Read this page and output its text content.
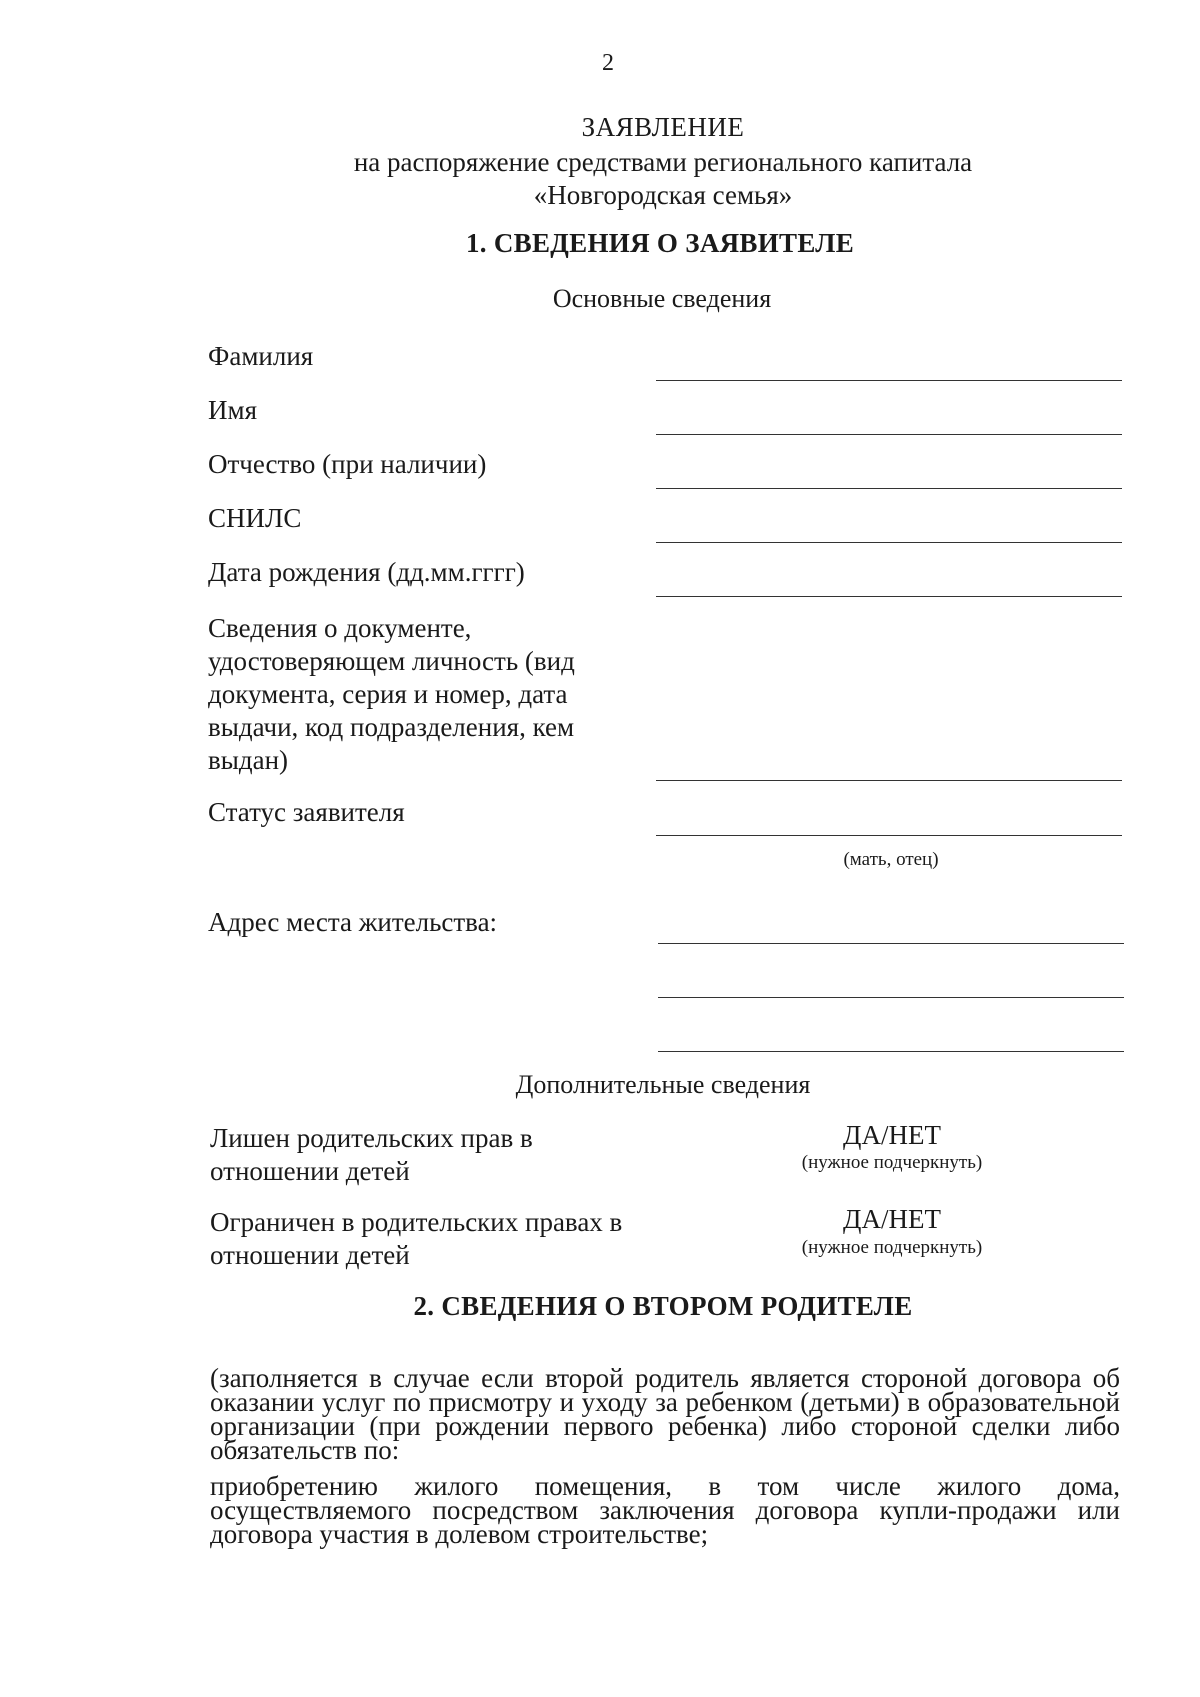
2
ЗАЯВЛЕНИЕ
на распоряжение средствами регионального капитала
«Новгородская семья»
1. СВЕДЕНИЯ О ЗАЯВИТЕЛЕ
Основные сведения
Фамилия
Имя
Отчество (при наличии)
СНИЛС
Дата рождения (дд.мм.гггг)
Сведения о документе,
удостоверяющем личность (вид
документа, серия и номер, дата
выдачи, код подразделения, кем
выдан)
Статус заявителя
(мать, отец)
Адрес места жительства:
Дополнительные сведения
Лишен родительских прав в
отношении детей
ДА/НЕТ
(нужное подчеркнуть)
Ограничен в родительских правах в
отношении детей
ДА/НЕТ
(нужное подчеркнуть)
2. СВЕДЕНИЯ О ВТОРОМ РОДИТЕЛЕ
(заполняется в случае если второй родитель является стороной договора об оказании услуг по присмотру и уходу за ребенком (детьми) в образовательной организации (при рождении первого ребенка) либо стороной сделки либо обязательств по:
приобретению жилого помещения, в том числе жилого дома, осуществляемого посредством заключения договора купли-продажи или договора участия в долевом строительстве;
